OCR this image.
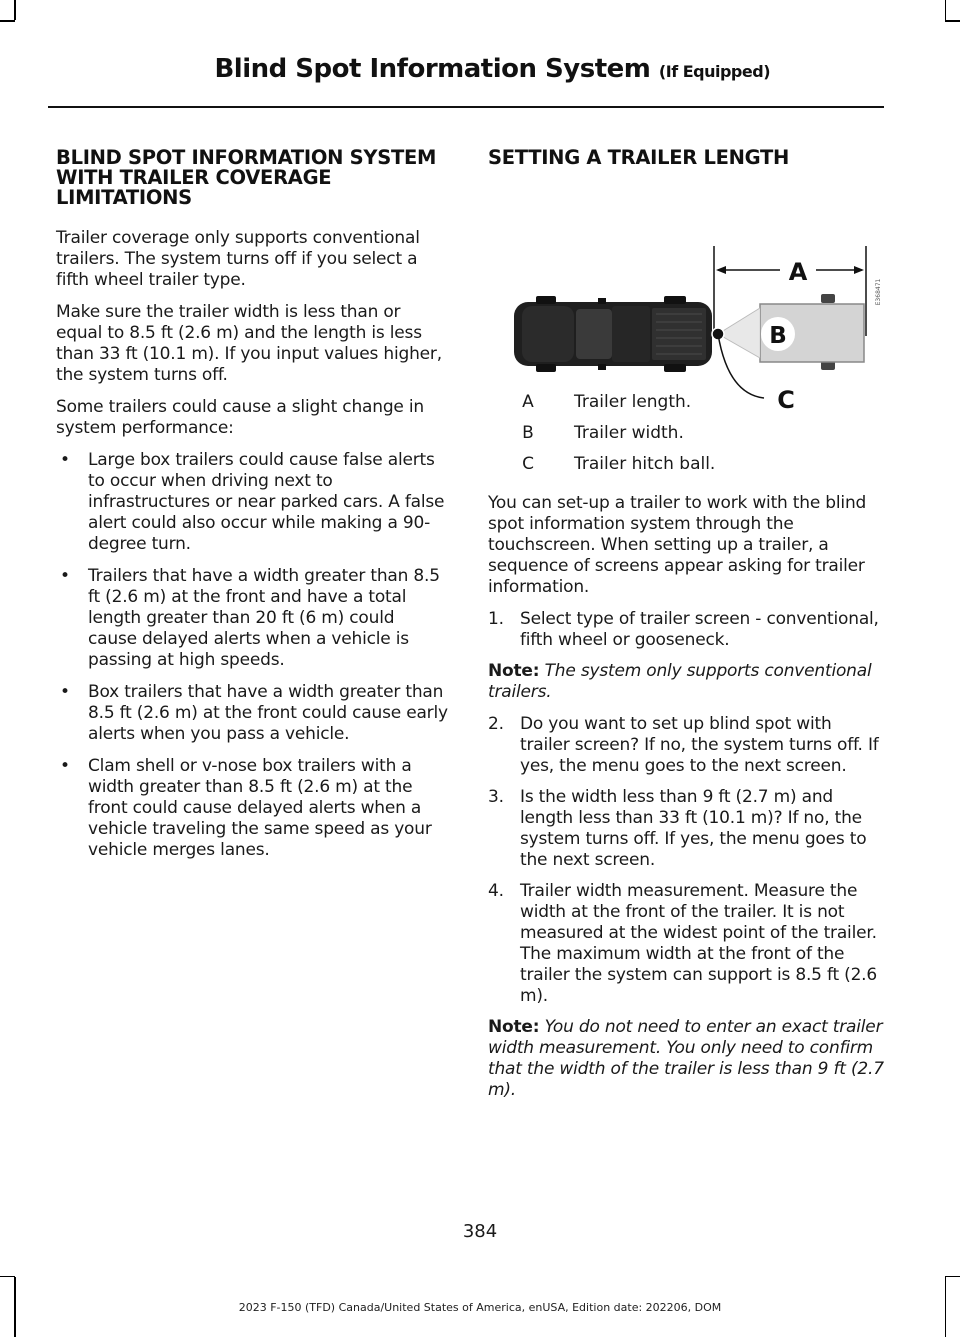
Blind Spot Information System (If Equipped)
BLIND SPOT INFORMATION SYSTEM WITH TRAILER COVERAGE LIMITATIONS

Trailer coverage only supports conventional trailers. The system turns off if you select a fifth wheel trailer type.

Make sure the trailer width is less than or equal to 8.5 ft (2.6 m) and the length is less than 33 ft (10.1 m). If you input values higher, the system turns off.

Some trailers could cause a slight change in system performance:

• Large box trailers could cause false alerts to occur when driving next to infrastructures or near parked cars. A false alert could also occur while making a 90-degree turn.
• Trailers that have a width greater than 8.5 ft (2.6 m) at the front and have a total length greater than 20 ft (6 m) could cause delayed alerts when a vehicle is passing at high speeds.
• Box trailers that have a width greater than 8.5 ft (2.6 m) at the front could cause early alerts when you pass a vehicle.
• Clam shell or v-nose box trailers with a width greater than 8.5 ft (2.6 m) at the front could cause delayed alerts when a vehicle traveling the same speed as your vehicle merges lanes.
SETTING A TRAILER LENGTH
A
B
C
E368471
A	Trailer length.
B	Trailer width.
C	Trailer hitch ball.

You can set-up a trailer to work with the blind spot information system through the touchscreen. When setting up a trailer, a sequence of screens appear asking for trailer information.

1. Select type of trailer screen - conventional, fifth wheel or gooseneck.
Note: The system only supports conventional trailers.
2. Do you want to set up blind spot with trailer screen? If no, the system turns off. If yes, the menu goes to the next screen.
3. Is the width less than 9 ft (2.7 m) and length less than 33 ft (10.1 m)? If no, the system turns off. If yes, the menu goes to the next screen.
4. Trailer width measurement. Measure the width at the front of the trailer. It is not measured at the widest point of the trailer. The maximum width at the front of the trailer the system can support is 8.5 ft (2.6 m).
Note: You do not need to enter an exact trailer width measurement. You only need to confirm that the width of the trailer is less than 9 ft (2.7 m).
384
2023 F-150 (TFD) Canada/United States of America, enUSA, Edition date: 202206, DOM
